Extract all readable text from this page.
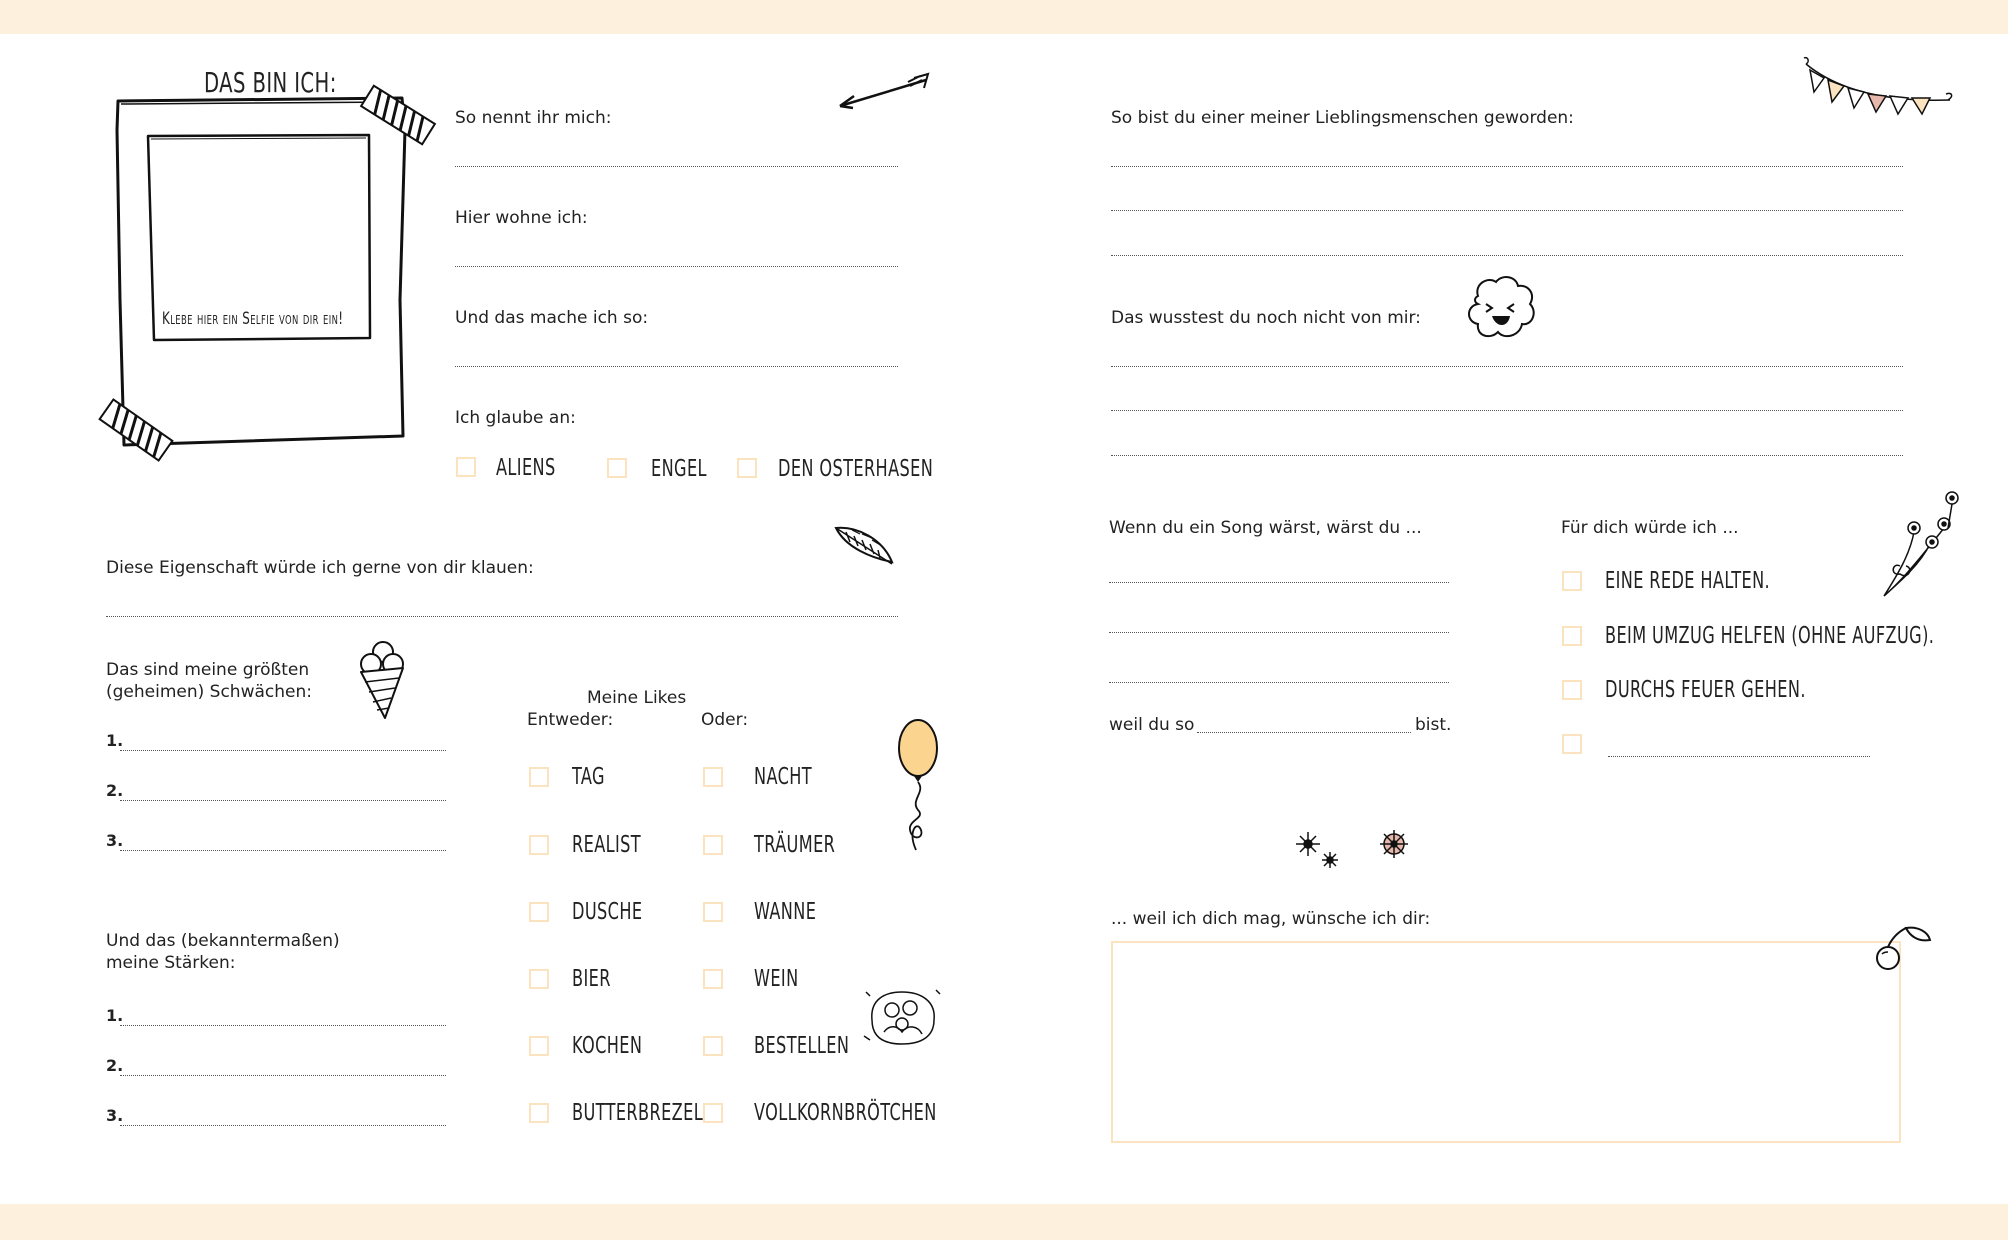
DAS BIN ICH:
Klebe hier ein Selfie von dir ein!
So nennt ihr mich:
Hier wohne ich:
Und das mache ich so:
Ich glaube an:
ALIENS	ENGEL	DEN OSTERHASEN
Diese Eigenschaft würde ich gerne von dir klauen:
Das sind meine größten (geheimen) Schwächen:
1.
2.
3.
Und das (bekanntermaßen) meine Stärken:
1.
2.
3.
Meine Likes
Entweder:	Oder:
TAG	NACHT
REALIST	TRÄUMER
DUSCHE	WANNE
BIER	WEIN
KOCHEN	BESTELLEN
BUTTERBREZEL VOLLKORNBRÖTCHEN
So bist du einer meiner Lieblingsmenschen geworden:
Das wusstest du noch nicht von mir:
Wenn du ein Song wärst, wärst du ...
weil du so	bist.
Für dich würde ich ...
EINE REDE HALTEN.
BEIM UMZUG HELFEN (OHNE AUFZUG).
DURCHS FEUER GEHEN.
... weil ich dich mag, wünsche ich dir:
